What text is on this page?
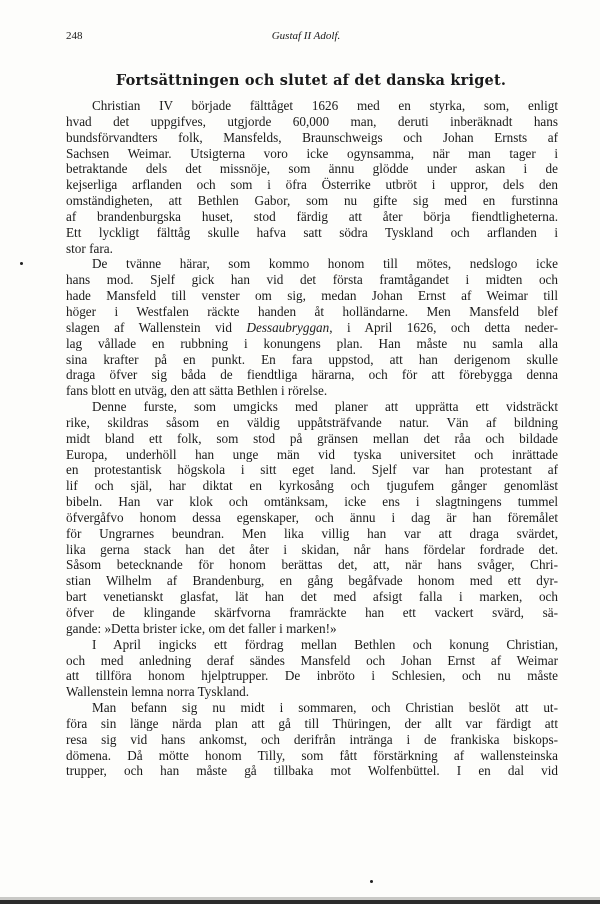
248	Gustaf II Adolf.
Fortsättningen och slutet af det danska kriget.
Christian IV började fälttåget 1626 med en styrka, som, enligt
hvad det uppgifves, utgjorde 60,000 man, deruti inberäknadt hans
bundsförvandters folk, Mansfelds, Braunschweigs och Johan Ernsts af
Sachsen Weimar. Utsigterna voro icke ogynsamma, när man tager i
betraktande dels det missnöje, som ännu glödde under askan i de
kejserliga arflanden och som i öfra Österrike utbröt i uppror, dels den
omständigheten, att Bethlen Gabor, som nu gifte sig med en furstinna
af brandenburgska huset, stod färdig att åter börja fiendtligheterna.
Ett lyckligt fälttåg skulle hafva satt södra Tyskland och arflanden i
stor fara.
De tvänne härar, som kommo honom till mötes, nedslogo icke
hans mod. Sjelf gick han vid det första framtågandet i midten och
hade Mansfeld till venster om sig, medan Johan Ernst af Weimar till
höger i Westfalen räckte handen åt holländarne. Men Mansfeld blef
slagen af Wallenstein vid Dessaubryggan, i April 1626, och detta neder-
lag vållade en rubbning i konungens plan. Han måste nu samla alla
sina krafter på en punkt. En fara uppstod, att han derigenom skulle
draga öfver sig båda de fiendtliga härarna, och för att förebygga denna
fans blott en utväg, den att sätta Bethlen i rörelse.
Denne furste, som umgicks med planer att upprätta ett vidsträckt
rike, skildras såsom en väldig uppåtsträfvande natur. Vän af bildning
midt bland ett folk, som stod på gränsen mellan det råa och bildade
Europa, underhöll han unge män vid tyska universitet och inrättade
en protestantisk högskola i sitt eget land. Sjelf var han protestant af
lif och själ, har diktat en kyrkosång och tjugufem gånger genomläst
bibeln. Han var klok och omtänksam, icke ens i slagtningens tummel
öfvergåfvo honom dessa egenskaper, och ännu i dag är han föremålet
för Ungrarnes beundran. Men lika villig han var att draga svärdet,
lika gerna stack han det åter i skidan, når hans fördelar fordrade det.
Såsom betecknande för honom berättas det, att, när hans svåger, Chri-
stian Wilhelm af Brandenburg, en gång begåfvade honom med ett dyr-
bart venetianskt glasfat, lät han det med afsigt falla i marken, och
öfver de klingande skärfvorna framräckte han ett vackert svärd, sä-
gande: »Detta brister icke, om det faller i marken!»
I April ingicks ett fördrag mellan Bethlen och konung Christian,
och med anledning deraf sändes Mansfeld och Johan Ernst af Weimar
att tillföra honom hjelptrupper. De inbröto i Schlesien, och nu måste
Wallenstein lemna norra Tyskland.
Man befann sig nu midt i sommaren, och Christian beslöt att ut-
föra sin länge närda plan att gå till Thüringen, der allt var färdigt att
resa sig vid hans ankomst, och derifrån intränga i de frankiska biskops-
dömena. Då mötte honom Tilly, som fått förstärkning af wallensteinska
trupper, och han måste gå tillbaka mot Wolfenbüttel. I en dal vid
